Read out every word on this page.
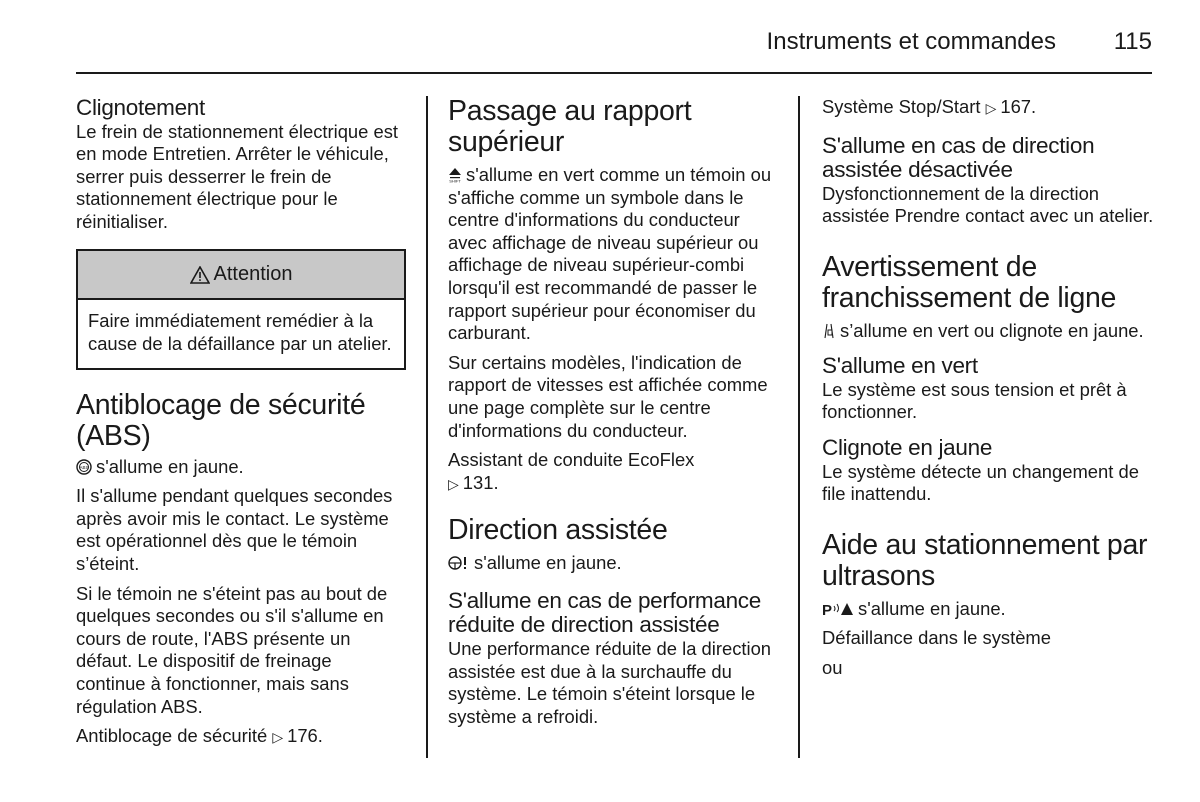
Instruments et commandes 115
Clignotement

Le frein de stationnement électrique est en mode Entretien. Arrêter le véhicule, serrer puis desserrer le frein de stationnement électrique pour le réinitialiser.

Attention

Faire immédiatement remédier à la cause de la défaillance par un atelier.

Antiblocage de sécurité
(ABS)

ABS s'allume en jaune.

Il s'allume pendant quelques secondes après avoir mis le contact. Le système est opérationnel dès que le témoin s’éteint.

Si le témoin ne s'éteint pas au bout de quelques secondes ou s'il s'allume en cours de route, l'ABS présente un défaut. Le dispositif de freinage continue à fonctionner, mais sans régulation ABS.

Antiblocage de sécurité ▷ 176.

Passage au rapport
supérieur

SHIFT s'allume en vert comme un témoin ou s'affiche comme un symbole dans le centre d'informations du conducteur avec affichage de niveau supérieur ou affichage de niveau supérieur-combi lorsqu'il est recommandé de passer le rapport supérieur pour économiser du carburant.

Sur certains modèles, l'indication de rapport de vitesses est affichée comme une page complète sur le centre d'informations du conducteur.

Assistant de conduite EcoFlex
▷ 131.

Direction assistée

s'allume en jaune.

S'allume en cas de performance
réduite de direction assistée

Une performance réduite de la direction assistée est due à la surchauffe du système. Le témoin s'éteint lorsque le système a refroidi.

Système Stop/Start ▷ 167.

S'allume en cas de direction
assistée désactivée

Dysfonctionnement de la direction assistée Prendre contact avec un atelier.

Avertissement de
franchissement de ligne

s’allume en vert ou clignote en jaune.

S'allume en vert

Le système est sous tension et prêt à fonctionner.

Clignote en jaune

Le système détecte un changement de file inattendu.

Aide au stationnement par
ultrasons

P s'allume en jaune.

Défaillance dans le système

ou
